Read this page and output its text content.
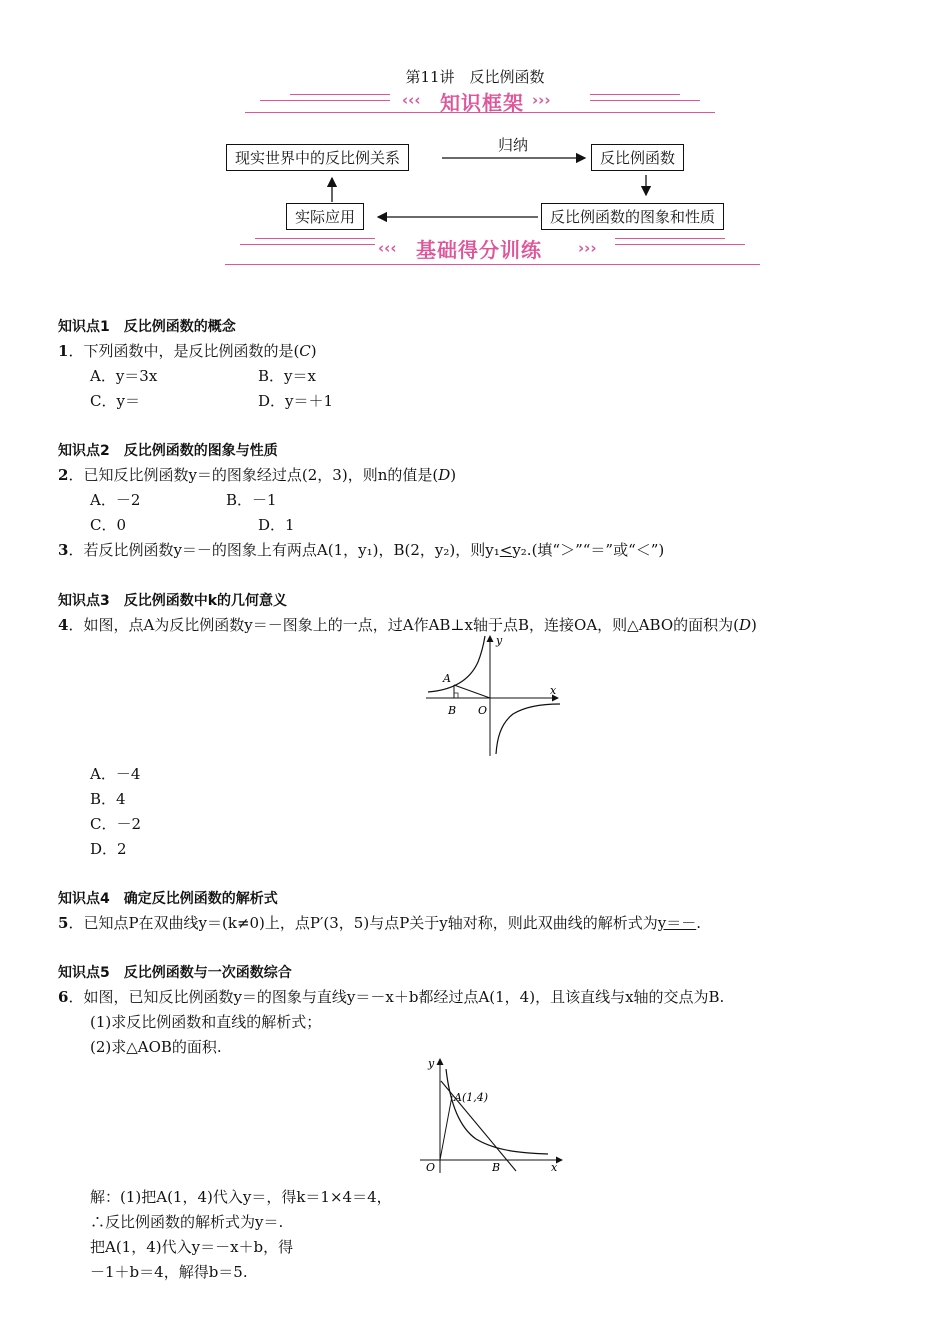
第11讲　反比例函数
‹‹‹ 知识框架 ›››
现实世界中的反比例关系
归纳
反比例函数
反比例函数的图象和性质
实际应用
‹‹‹ 基础得分训练 ›››
知识点1　反比例函数的概念
1．下列函数中，是反比例函数的是(C)
A．y＝3x	B．y＝x
C．y＝	D．y＝＋1
知识点2　反比例函数的图象与性质
2．已知反比例函数y＝的图象经过点(2，3)，则n的值是(D)
A．－2	B．－1
C．0	D．1
3．若反比例函数y＝－的图象上有两点A(1，y₁)，B(2，y₂)，则y₁<y₂.(填“＞”“＝”或“＜”)
知识点3　反比例函数中k的几何意义
4．如图，点A为反比例函数y＝－图象上的一点，过A作AB⊥x轴于点B，连接OA，则△ABO的面积为(D)
x
y
A
B O
A．－4
B．4
C．－2
D．2
知识点4　确定反比例函数的解析式
5．已知点P在双曲线y＝(k≠0)上，点P′(3，5)与点P关于y轴对称，则此双曲线的解析式为y＝－.
知识点5　反比例函数与一次函数综合
6．如图，已知反比例函数y＝的图象与直线y＝－x＋b都经过点A(1，4)，且该直线与x轴的交点为B.
(1)求反比例函数和直线的解析式；
(2)求△AOB的面积.
y
x
A(1,4)
B
O
解：(1)把A(1，4)代入y＝，得k＝1×4＝4，
∴反比例函数的解析式为y＝.
把A(1，4)代入y＝－x＋b，得
－1＋b＝4，解得b＝5.
